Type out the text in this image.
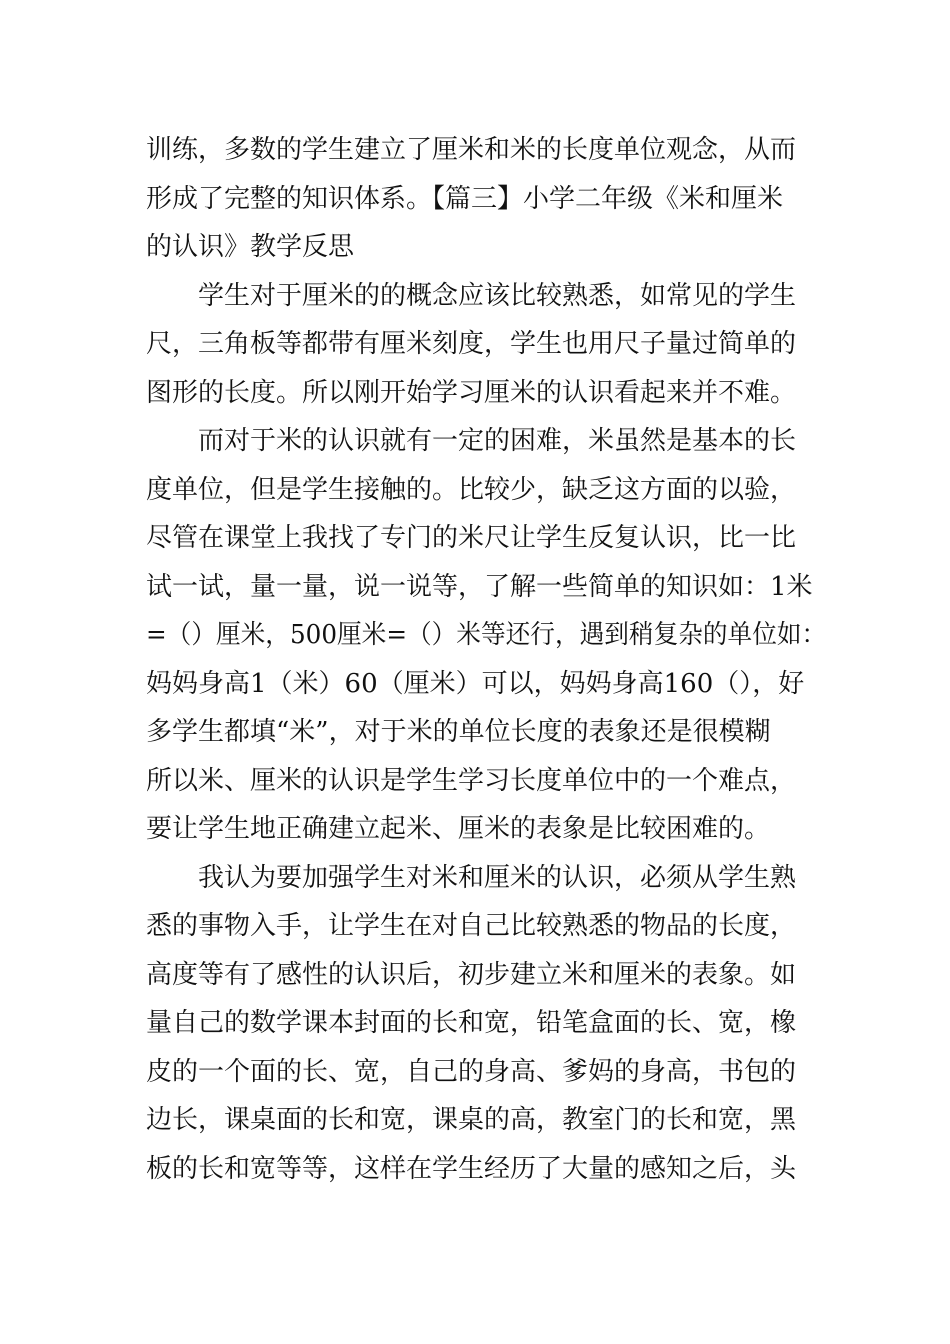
训练，多数的学生建立了厘米和米的长度单位观念，从而
形成了完整的知识体系。【篇三】小学二年级《米和厘米
的认识》教学反思
　　学生对于厘米的的概念应该比较熟悉，如常见的学生
尺，三角板等都带有厘米刻度，学生也用尺子量过简单的
图形的长度。所以刚开始学习厘米的认识看起来并不难。
　　而对于米的认识就有一定的困难，米虽然是基本的长
度单位，但是学生接触的。比较少，缺乏这方面的以验，
尽管在课堂上我找了专门的米尺让学生反复认识，比一比
试一试，量一量，说一说等，了解一些简单的知识如：1米
=（）厘米，500厘米=（）米等还行，遇到稍复杂的单位如：
妈妈身高1（米）60（厘米）可以，妈妈身高160（），好
多学生都填“米”，对于米的单位长度的表象还是很模糊
所以米、厘米的认识是学生学习长度单位中的一个难点，
要让学生地正确建立起米、厘米的表象是比较困难的。
　　我认为要加强学生对米和厘米的认识，必须从学生熟
悉的事物入手，让学生在对自己比较熟悉的物品的长度，
高度等有了感性的认识后，初步建立米和厘米的表象。如
量自己的数学课本封面的长和宽，铅笔盒面的长、宽，橡
皮的一个面的长、宽，自己的身高、爹妈的身高，书包的
边长，课桌面的长和宽，课桌的高，教室门的长和宽，黑
板的长和宽等等，这样在学生经历了大量的感知之后，头
